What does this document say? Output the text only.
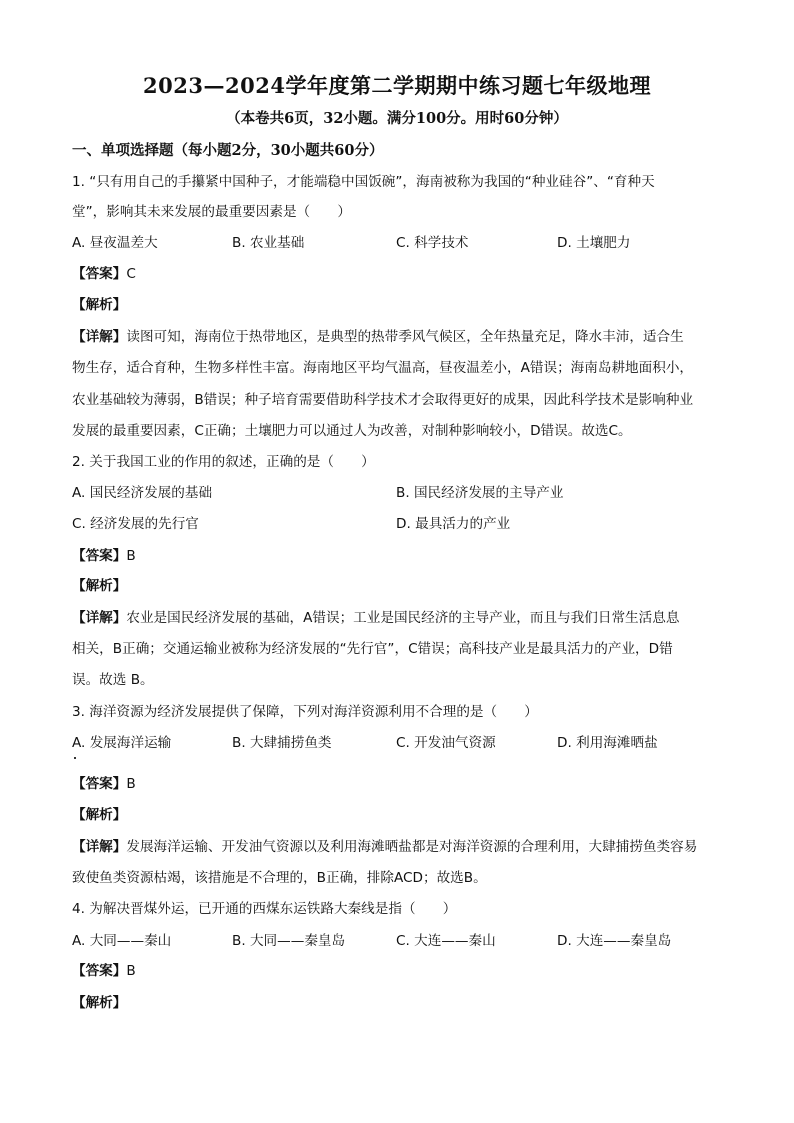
2023—2024学年度第二学期期中练习题七年级地理
（本卷共6页，32小题。满分100分。用时60分钟）
一、单项选择题（每小题2分，30小题共60分）
1. “只有用自己的手攥紧中国种子，才能端稳中国饭碗”，海南被称为我国的“种业硅谷”、“育种天
堂”，影响其未来发展的最重要因素是（　　）
A. 昼夜温差大	B. 农业基础	C. 科学技术	D. 土壤肥力
【答案】C
【解析】
【详解】读图可知，海南位于热带地区，是典型的热带季风气候区，全年热量充足，降水丰沛，适合生
物生存，适合育种，生物多样性丰富。海南地区平均气温高，昼夜温差小，A错误；海南岛耕地面积小，
农业基础较为薄弱，B错误；种子培育需要借助科学技术才会取得更好的成果，因此科学技术是影响种业
发展的最重要因素，C正确；土壤肥力可以通过人为改善，对制种影响较小，D错误。故选C。
2. 关于我国工业的作用的叙述，正确的是（　　）
A. 国民经济发展的基础	B. 国民经济发展的主导产业
C. 经济发展的先行官	D. 最具活力的产业
【答案】B
【解析】
【详解】农业是国民经济发展的基础，A错误；工业是国民经济的主导产业，而且与我们日常生活息息
相关，B正确；交通运输业被称为经济发展的“先行官”，C错误；高科技产业是最具活力的产业，D错
误。故选 B。
3. 海洋资源为经济发展提供了保障，下列对海洋资源利用不合理的是（　　）
A. 发展海洋运输	B. 大肆捕捞鱼类	C. 开发油气资源	D. 利用海滩晒盐
【答案】B
【解析】
【详解】发展海洋运输、开发油气资源以及利用海滩晒盐都是对海洋资源的合理利用，大肆捕捞鱼类容易
致使鱼类资源枯竭，该措施是不合理的，B正确，排除ACD；故选B。
4. 为解决晋煤外运，已开通的西煤东运铁路大秦线是指（　　）
A. 大同——秦山	B. 大同——秦皇岛	C. 大连——秦山	D. 大连——秦皇岛
【答案】B
【解析】
